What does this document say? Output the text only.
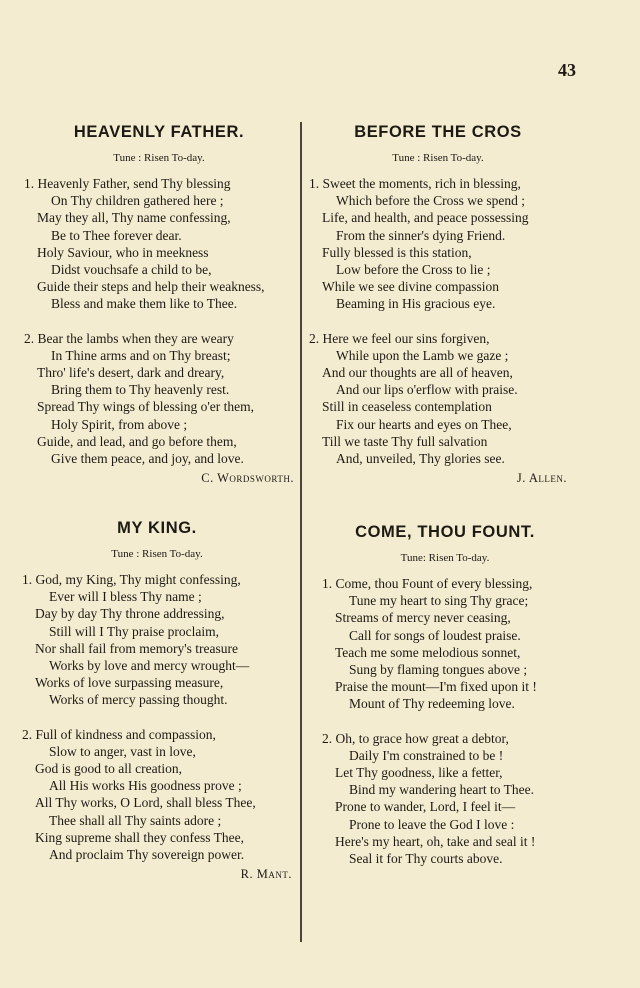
43
HEAVENLY FATHER.
Tune : Risen To-day.
1. Heavenly Father, send Thy blessing
On Thy children gathered here ;
May they all, Thy name confessing,
Be to Thee forever dear.
Holy Saviour, who in meekness
Didst vouchsafe a child to be,
Guide their steps and help their weakness,
Bless and make them like to Thee.
2. Bear the lambs when they are weary
In Thine arms and on Thy breast;
Thro' life's desert, dark and dreary,
Bring them to Thy heavenly rest.
Spread Thy wings of blessing o'er them,
Holy Spirit, from above ;
Guide, and lead, and go before them,
Give them peace, and joy, and love.
C. Wordsworth.
BEFORE THE CROS
Tune : Risen To-day.
1. Sweet the moments, rich in blessing,
Which before the Cross we spend ;
Life, and health, and peace possessing
From the sinner's dying Friend.
Fully blessed is this station,
Low before the Cross to lie ;
While we see divine compassion
Beaming in His gracious eye.
2. Here we feel our sins forgiven,
While upon the Lamb we gaze ;
And our thoughts are all of heaven,
And our lips o'erflow with praise.
Still in ceaseless contemplation
Fix our hearts and eyes on Thee,
Till we taste Thy full salvation
And, unveiled, Thy glories see.
J. Allen.
MY KING.
Tune : Risen To-day.
1. God, my King, Thy might confessing,
Ever will I bless Thy name ;
Day by day Thy throne addressing,
Still will I Thy praise proclaim,
Nor shall fail from memory's treasure
Works by love and mercy wrought—
Works of love surpassing measure,
Works of mercy passing thought.
2. Full of kindness and compassion,
Slow to anger, vast in love,
God is good to all creation,
All His works His goodness prove ;
All Thy works, O Lord, shall bless Thee,
Thee shall all Thy saints adore ;
King supreme shall they confess Thee,
And proclaim Thy sovereign power.
R. Mant.
COME, THOU FOUNT.
Tune: Risen To-day.
1. Come, thou Fount of every blessing,
Tune my heart to sing Thy grace;
Streams of mercy never ceasing,
Call for songs of loudest praise.
Teach me some melodious sonnet,
Sung by flaming tongues above ;
Praise the mount—I'm fixed upon it !
Mount of Thy redeeming love.
2. Oh, to grace how great a debtor,
Daily I'm constrained to be !
Let Thy goodness, like a fetter,
Bind my wandering heart to Thee.
Prone to wander, Lord, I feel it—
Prone to leave the God I love :
Here's my heart, oh, take and seal it !
Seal it for Thy courts above.
